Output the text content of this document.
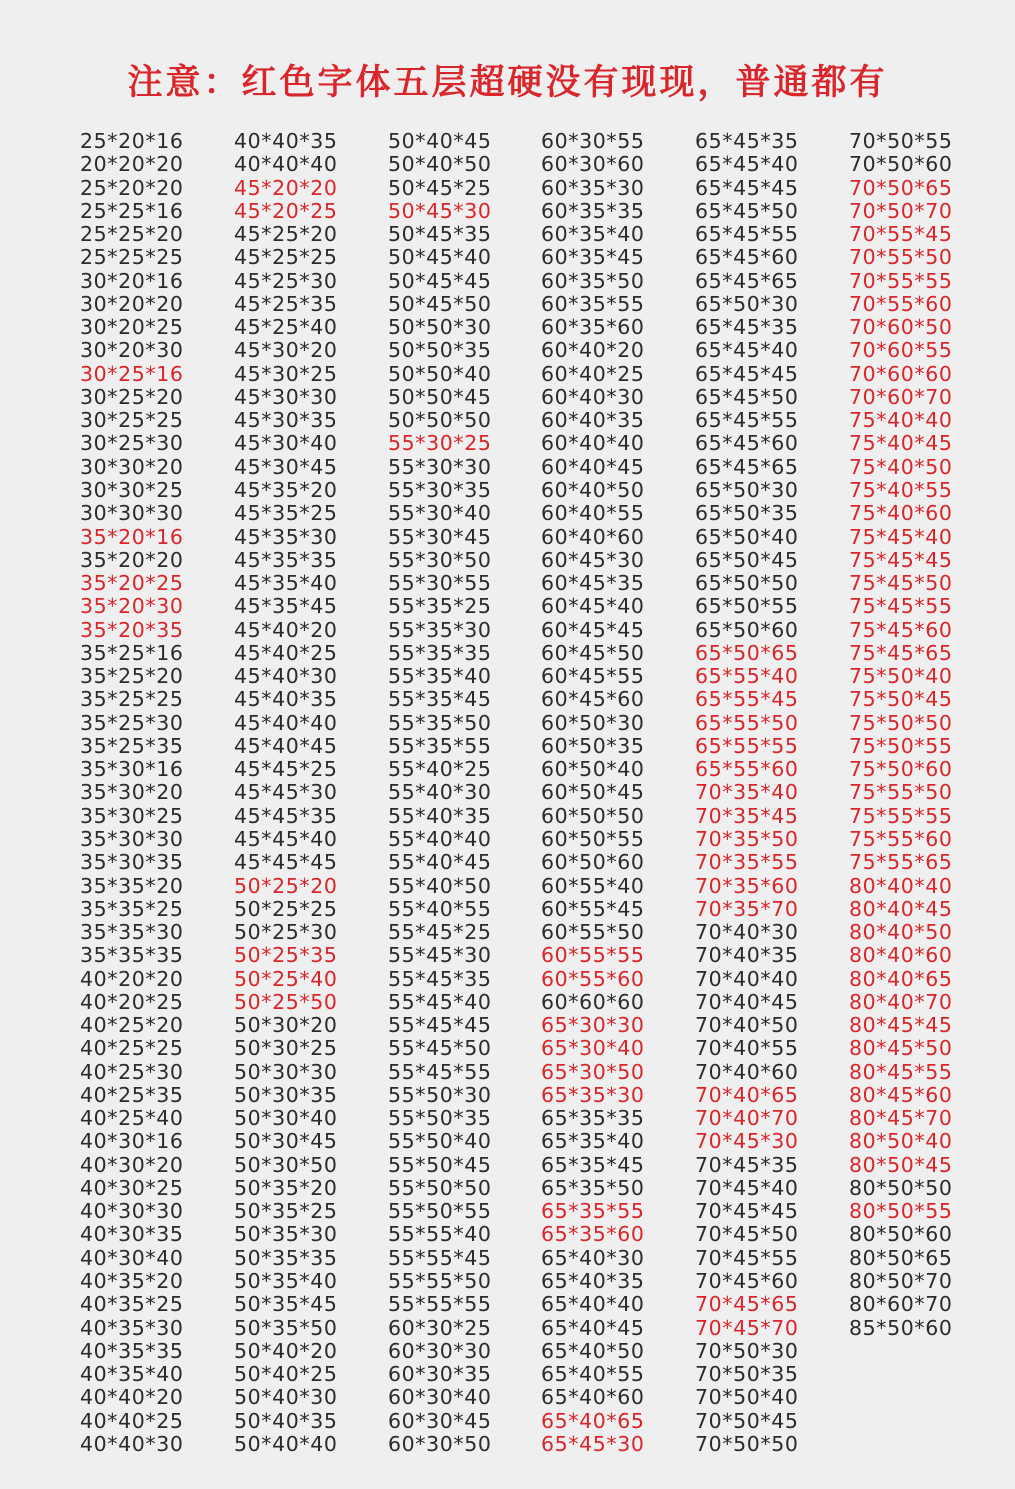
注意：红色字体五层超硬没有现现，普通都有
25*20*16
20*20*20
25*20*20
25*25*16
25*25*20
25*25*25
30*20*16
30*20*20
30*20*25
30*20*30
30*25*16
30*25*20
30*25*25
30*25*30
30*30*20
30*30*25
30*30*30
35*20*16
35*20*20
35*20*25
35*20*30
35*20*35
35*25*16
35*25*20
35*25*25
35*25*30
35*25*35
35*30*16
35*30*20
35*30*25
35*30*30
35*30*35
35*35*20
35*35*25
35*35*30
35*35*35
40*20*20
40*20*25
40*25*20
40*25*25
40*25*30
40*25*35
40*25*40
40*30*16
40*30*20
40*30*25
40*30*30
40*30*35
40*30*40
40*35*20
40*35*25
40*35*30
40*35*35
40*35*40
40*40*20
40*40*25
40*40*30
40*40*35
40*40*40
45*20*20
45*20*25
45*25*20
45*25*25
45*25*30
45*25*35
45*25*40
45*30*20
45*30*25
45*30*30
45*30*35
45*30*40
45*30*45
45*35*20
45*35*25
45*35*30
45*35*35
45*35*40
45*35*45
45*40*20
45*40*25
45*40*30
45*40*35
45*40*40
45*40*45
45*45*25
45*45*30
45*45*35
45*45*40
45*45*45
50*25*20
50*25*25
50*25*30
50*25*35
50*25*40
50*25*50
50*30*20
50*30*25
50*30*30
50*30*35
50*30*40
50*30*45
50*30*50
50*35*20
50*35*25
50*35*30
50*35*35
50*35*40
50*35*45
50*35*50
50*40*20
50*40*25
50*40*30
50*40*35
50*40*40
50*40*45
50*40*50
50*45*25
50*45*30
50*45*35
50*45*40
50*45*45
50*45*50
50*50*30
50*50*35
50*50*40
50*50*45
50*50*50
55*30*25
55*30*30
55*30*35
55*30*40
55*30*45
55*30*50
55*30*55
55*35*25
55*35*30
55*35*35
55*35*40
55*35*45
55*35*50
55*35*55
55*40*25
55*40*30
55*40*35
55*40*40
55*40*45
55*40*50
55*40*55
55*45*25
55*45*30
55*45*35
55*45*40
55*45*45
55*45*50
55*45*55
55*50*30
55*50*35
55*50*40
55*50*45
55*50*50
55*50*55
55*55*40
55*55*45
55*55*50
55*55*55
60*30*25
60*30*30
60*30*35
60*30*40
60*30*45
60*30*50
60*30*55
60*30*60
60*35*30
60*35*35
60*35*40
60*35*45
60*35*50
60*35*55
60*35*60
60*40*20
60*40*25
60*40*30
60*40*35
60*40*40
60*40*45
60*40*50
60*40*55
60*40*60
60*45*30
60*45*35
60*45*40
60*45*45
60*45*50
60*45*55
60*45*60
60*50*30
60*50*35
60*50*40
60*50*45
60*50*50
60*50*55
60*50*60
60*55*40
60*55*45
60*55*50
60*55*55
60*55*60
60*60*60
65*30*30
65*30*40
65*30*50
65*35*30
65*35*35
65*35*40
65*35*45
65*35*50
65*35*55
65*35*60
65*40*30
65*40*35
65*40*40
65*40*45
65*40*50
65*40*55
65*40*60
65*40*65
65*45*30
65*45*35
65*45*40
65*45*45
65*45*50
65*45*55
65*45*60
65*45*65
65*50*30
65*45*35
65*45*40
65*45*45
65*45*50
65*45*55
65*45*60
65*45*65
65*50*30
65*50*35
65*50*40
65*50*45
65*50*50
65*50*55
65*50*60
65*50*65
65*55*40
65*55*45
65*55*50
65*55*55
65*55*60
70*35*40
70*35*45
70*35*50
70*35*55
70*35*60
70*35*70
70*40*30
70*40*35
70*40*40
70*40*45
70*40*50
70*40*55
70*40*60
70*40*65
70*40*70
70*45*30
70*45*35
70*45*40
70*45*45
70*45*50
70*45*55
70*45*60
70*45*65
70*45*70
70*50*30
70*50*35
70*50*40
70*50*45
70*50*50
70*50*55
70*50*60
70*50*65
70*50*70
70*55*45
70*55*50
70*55*55
70*55*60
70*60*50
70*60*55
70*60*60
70*60*70
75*40*40
75*40*45
75*40*50
75*40*55
75*40*60
75*45*40
75*45*45
75*45*50
75*45*55
75*45*60
75*45*65
75*50*40
75*50*45
75*50*50
75*50*55
75*50*60
75*55*50
75*55*55
75*55*60
75*55*65
80*40*40
80*40*45
80*40*50
80*40*60
80*40*65
80*40*70
80*45*45
80*45*50
80*45*55
80*45*60
80*45*70
80*50*40
80*50*45
80*50*50
80*50*55
80*50*60
80*50*65
80*50*70
80*60*70
85*50*60
